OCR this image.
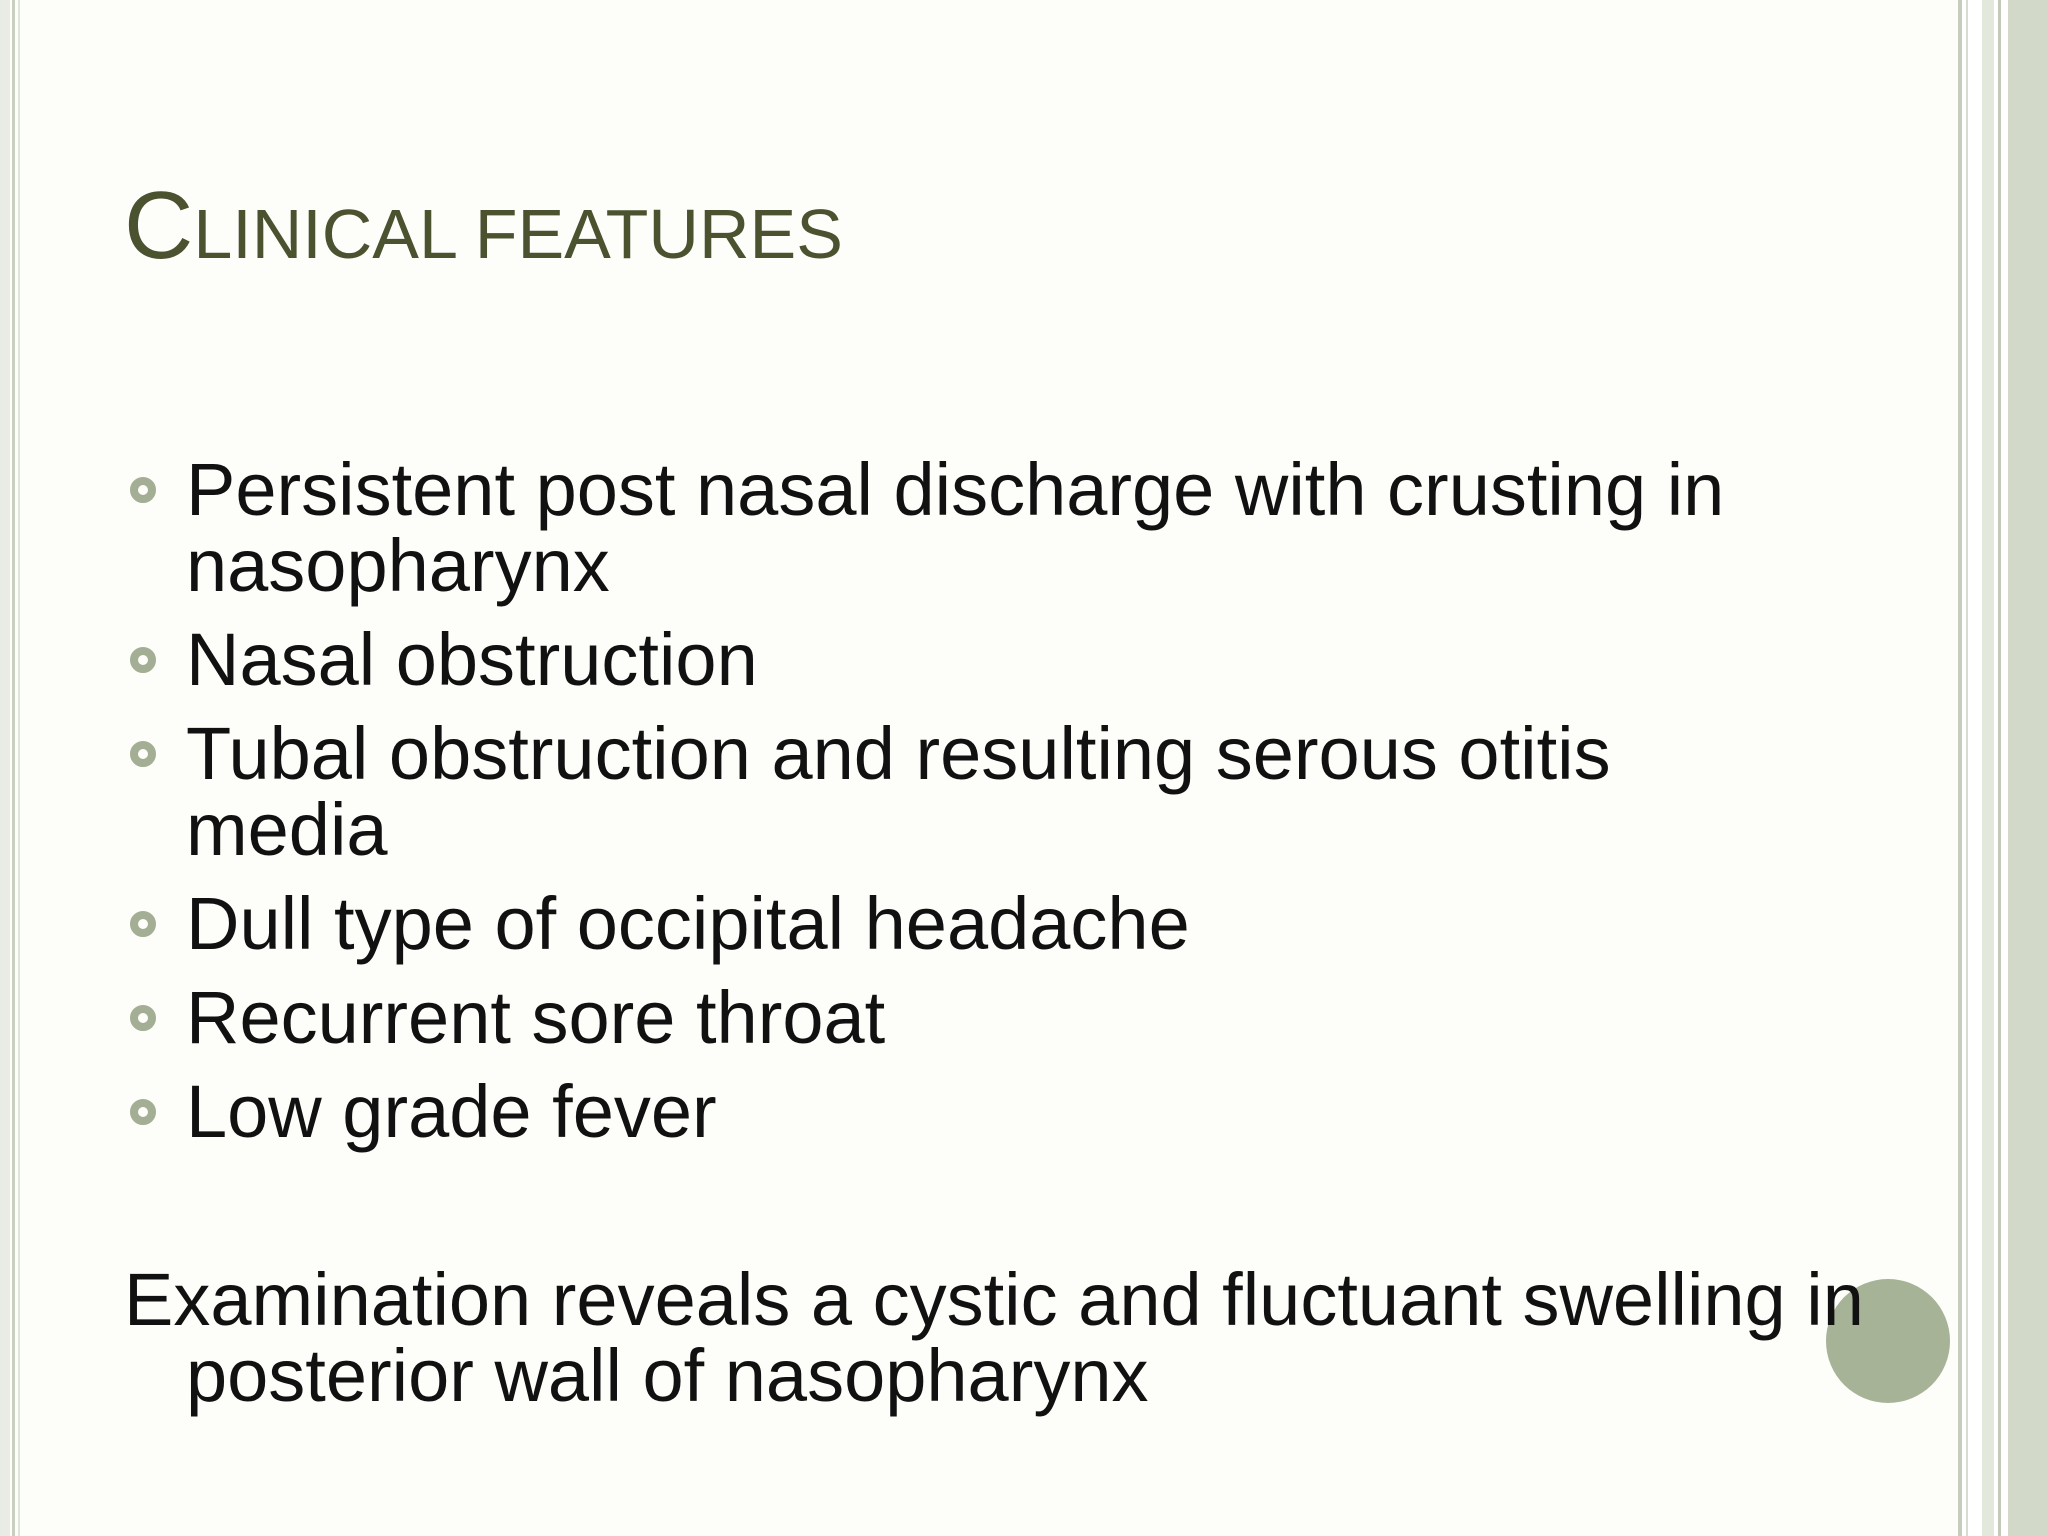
CLINICAL FEATURES
Persistent post nasal discharge with crusting in nasopharynx
Nasal obstruction
Tubal obstruction and resulting serous otitis media
Dull type of occipital headache
Recurrent sore throat
Low grade fever

Examination reveals a cystic and fluctuant swelling in posterior wall of nasopharynx
